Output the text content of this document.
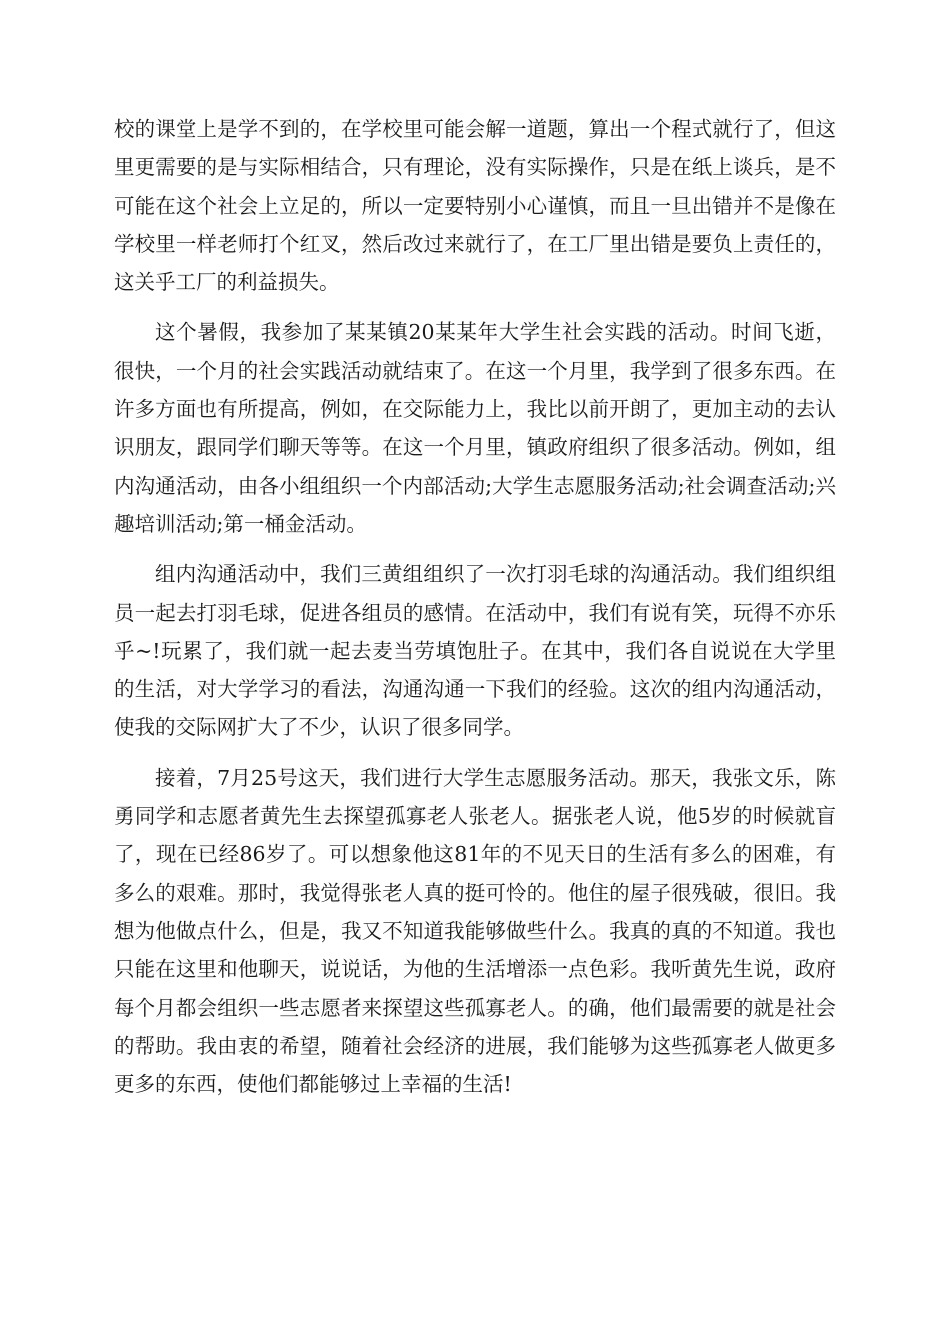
校的课堂上是学不到的，在学校里可能会解一道题，算出一个程式就行了，但这里更需要的是与实际相结合，只有理论，没有实际操作，只是在纸上谈兵，是不可能在这个社会上立足的，所以一定要特别小心谨慎，而且一旦出错并不是像在学校里一样老师打个红叉，然后改过来就行了，在工厂里出错是要负上责任的，这关乎工厂的利益损失。

这个暑假，我参加了某某镇20某某年大学生社会实践的活动。时间飞逝，很快，一个月的社会实践活动就结束了。在这一个月里，我学到了很多东西。在许多方面也有所提高，例如，在交际能力上，我比以前开朗了，更加主动的去认识朋友，跟同学们聊天等等。在这一个月里，镇政府组织了很多活动。例如，组内沟通活动，由各小组组织一个内部活动;大学生志愿服务活动;社会调查活动;兴趣培训活动;第一桶金活动。

组内沟通活动中，我们三黄组组织了一次打羽毛球的沟通活动。我们组织组员一起去打羽毛球，促进各组员的感情。在活动中，我们有说有笑，玩得不亦乐乎~!玩累了，我们就一起去麦当劳填饱肚子。在其中，我们各自说说在大学里的生活，对大学学习的看法，沟通沟通一下我们的经验。这次的组内沟通活动，使我的交际网扩大了不少，认识了很多同学。

接着，7月25号这天，我们进行大学生志愿服务活动。那天，我张文乐，陈勇同学和志愿者黄先生去探望孤寡老人张老人。据张老人说，他5岁的时候就盲了，现在已经86岁了。可以想象他这81年的不见天日的生活有多么的困难，有多么的艰难。那时，我觉得张老人真的挺可怜的。他住的屋子很残破，很旧。我想为他做点什么，但是，我又不知道我能够做些什么。我真的真的不知道。我也只能在这里和他聊天，说说话，为他的生活增添一点色彩。我听黄先生说，政府每个月都会组织一些志愿者来探望这些孤寡老人。的确，他们最需要的就是社会的帮助。我由衷的希望，随着社会经济的进展，我们能够为这些孤寡老人做更多更多的东西，使他们都能够过上幸福的生活!
